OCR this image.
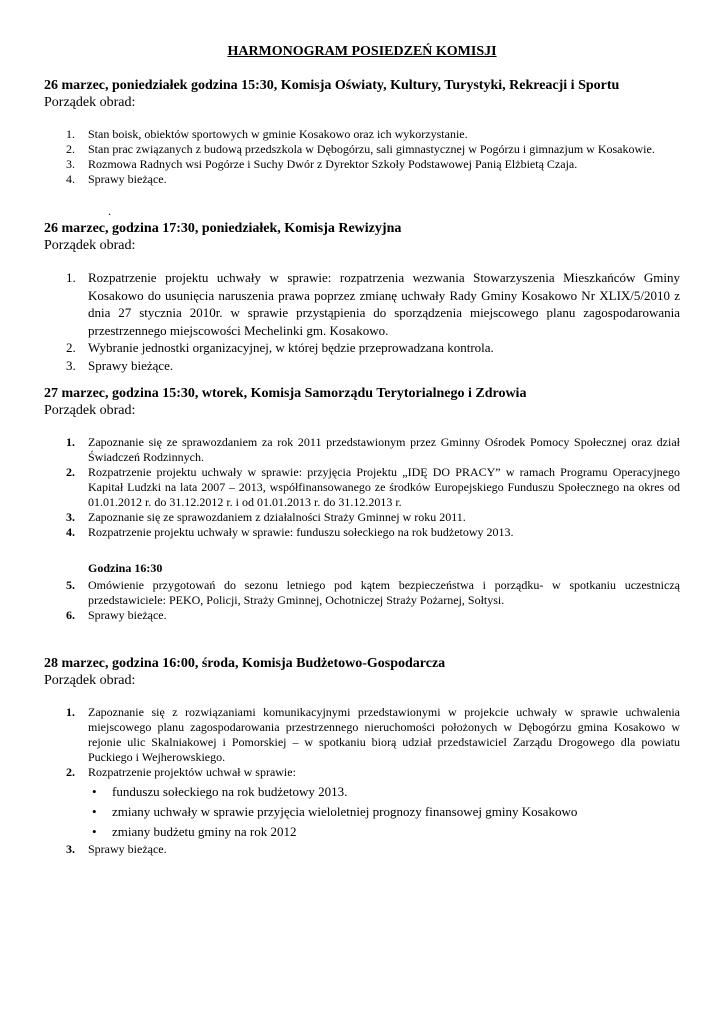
HARMONOGRAM POSIEDZEŃ KOMISJI
26 marzec, poniedziałek godzina 15:30, Komisja Oświaty, Kultury, Turystyki, Rekreacji i Sportu
Porządek obrad:
1. Stan boisk, obiektów sportowych w gminie Kosakowo oraz ich wykorzystanie.
2. Stan prac związanych z budową przedszkola w Dębogórzu, sali gimnastycznej w Pogórzu i gimnazjum w Kosakowie.
3. Rozmowa Radnych wsi Pogórze i Suchy Dwór z Dyrektor Szkoły Podstawowej Panią Elżbietą Czaja.
4. Sprawy bieżące.
.
26 marzec, godzina 17:30, poniedziałek, Komisja Rewizyjna
Porządek obrad:
1. Rozpatrzenie projektu uchwały w sprawie: rozpatrzenia wezwania Stowarzyszenia Mieszkańców Gminy Kosakowo do usunięcia naruszenia prawa poprzez zmianę uchwały Rady Gminy Kosakowo Nr XLIX/5/2010 z dnia 27 stycznia 2010r. w sprawie przystąpienia do sporządzenia miejscowego planu zagospodarowania przestrzennego miejscowości Mechelinki gm. Kosakowo.
2. Wybranie jednostki organizacyjnej, w której będzie przeprowadzana kontrola.
3. Sprawy bieżące.
27 marzec, godzina 15:30, wtorek, Komisja Samorządu Terytorialnego i Zdrowia
Porządek obrad:
1. Zapoznanie się ze sprawozdaniem za rok 2011 przedstawionym przez Gminny Ośrodek Pomocy Społecznej oraz dział Świadczeń Rodzinnych.
2. Rozpatrzenie projektu uchwały w sprawie: przyjęcia Projektu „IDĘ DO PRACY” w ramach Programu Operacyjnego Kapitał Ludzki na lata 2007 – 2013, współfinansowanego ze środków Europejskiego Funduszu Społecznego na okres od 01.01.2012 r. do 31.12.2012 r. i od 01.01.2013 r. do 31.12.2013 r.
3. Zapoznanie się ze sprawozdaniem z działalności Straży Gminnej w roku 2011.
4. Rozpatrzenie projektu uchwały w sprawie: funduszu sołeckiego na rok budżetowy 2013.
Godzina 16:30
5. Omówienie przygotowań do sezonu letniego pod kątem bezpieczeństwa i porządku- w spotkaniu uczestniczą przedstawiciele: PEKO, Policji, Straży Gminnej, Ochotniczej Straży Pożarnej, Sołtysi.
6. Sprawy bieżące.
28 marzec, godzina 16:00, środa, Komisja Budżetowo-Gospodarcza
Porządek obrad:
1. Zapoznanie się z rozwiązaniami komunikacyjnymi przedstawionymi w projekcie uchwały w sprawie uchwalenia miejscowego planu zagospodarowania przestrzennego nieruchomości położonych w Dębogórzu gmina Kosakowo w rejonie ulic Skalniakowej i Pomorskiej – w spotkaniu biorą udział przedstawiciel Zarządu Drogowego dla powiatu Puckiego i Wejherowskiego.
2. Rozpatrzenie projektów uchwał w sprawie:
• funduszu sołeckiego na rok budżetowy 2013.
• zmiany uchwały w sprawie przyjęcia wieloletniej prognozy finansowej gminy Kosakowo
• zmiany budżetu gminy na rok 2012
3. Sprawy bieżące.
